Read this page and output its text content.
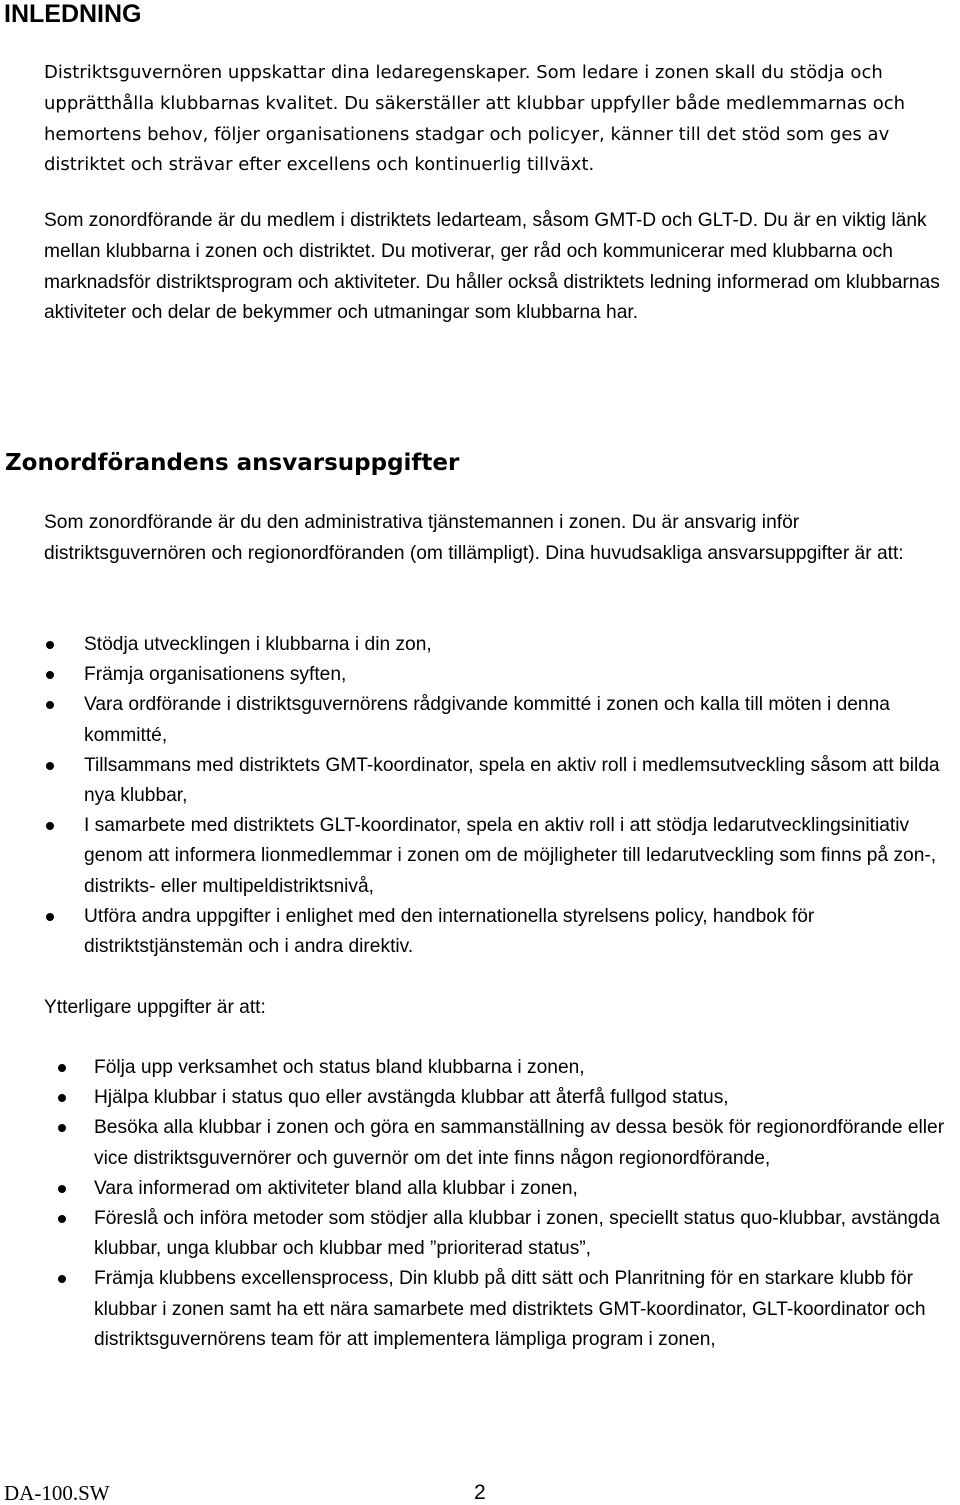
INLEDNING

Distriktsguvernören uppskattar dina ledaregenskaper. Som ledare i zonen skall du stödja och upprätthålla klubbarnas kvalitet. Du säkerställer att klubbar uppfyller både medlemmarnas och hemortens behov, följer organisationens stadgar och policyer, känner till det stöd som ges av distriktet och strävar efter excellens och kontinuerlig tillväxt.

Som zonordförande är du medlem i distriktets ledarteam, såsom GMT-D och GLT-D. Du är en viktig länk mellan klubbarna i zonen och distriktet. Du motiverar, ger råd och kommunicerar med klubbarna och marknadsför distriktsprogram och aktiviteter. Du håller också distriktets ledning informerad om klubbarnas aktiviteter och delar de bekymmer och utmaningar som klubbarna har.

Zonordförandens ansvarsuppgifter

Som zonordförande är du den administrativa tjänstemannen i zonen. Du är ansvarig inför distriktsguvernören och regionordföranden (om tillämpligt). Dina huvudsakliga ansvarsuppgifter är att:

Stödja utvecklingen i klubbarna i din zon,
Främja organisationens syften,
Vara ordförande i distriktsguvernörens rådgivande kommitté i zonen och kalla till möten i denna kommitté,
Tillsammans med distriktets GMT-koordinator, spela en aktiv roll i medlemsutveckling såsom att bilda nya klubbar,
I samarbete med distriktets GLT-koordinator, spela en aktiv roll i att stödja ledarutvecklingsinitiativ genom att informera lionmedlemmar i zonen om de möjligheter till ledarutveckling som finns på zon-, distrikts- eller multipeldistriktsnivå,
Utföra andra uppgifter i enlighet med den internationella styrelsens policy, handbok för distriktstjänstemän och i andra direktiv.

Ytterligare uppgifter är att:

Följa upp verksamhet och status bland klubbarna i zonen,
Hjälpa klubbar i status quo eller avstängda klubbar att återfå fullgod status,
Besöka alla klubbar i zonen och göra en sammanställning av dessa besök för regionordförande eller vice distriktsguvernörer och guvernör om det inte finns någon regionordförande,
Vara informerad om aktiviteter bland alla klubbar i zonen,
Föreslå och införa metoder som stödjer alla klubbar i zonen, speciellt status quo-klubbar, avstängda klubbar, unga klubbar och klubbar med ”prioriterad status”,
Främja klubbens excellensprocess, Din klubb på ditt sätt och Planritning för en starkare klubb för klubbar i zonen samt ha ett nära samarbete med distriktets GMT-koordinator, GLT-koordinator och distriktsguvernörens team för att implementera lämpliga program i zonen,
DA-100.SW	2
